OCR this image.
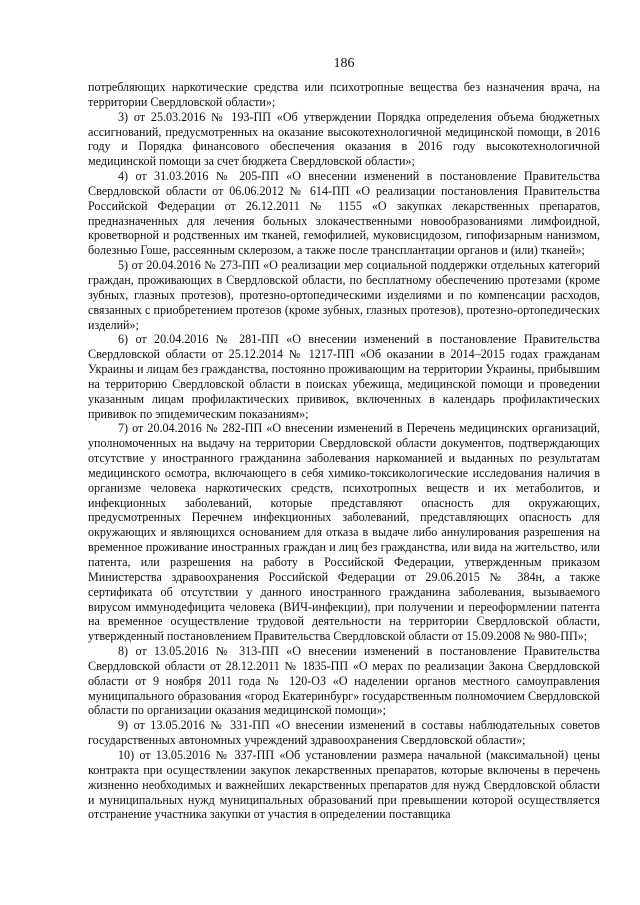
186

потребляющих наркотические средства или психотропные вещества без назначения врача, на территории Свердловской области»;

3) от 25.03.2016 № 193-ПП «Об утверждении Порядка определения объема бюджетных ассигнований, предусмотренных на оказание высокотехнологичной медицинской помощи, в 2016 году и Порядка финансового обеспечения оказания в 2016 году высокотехнологичной медицинской помощи за счет бюджета Свердловской области»;

4) от 31.03.2016 № 205-ПП «О внесении изменений в постановление Правительства Свердловской области от 06.06.2012 № 614-ПП «О реализации постановления Правительства Российской Федерации от 26.12.2011 № 1155 «О закупках лекарственных препаратов, предназначенных для лечения больных злокачественными новообразованиями лимфоидной, кроветворной и родственных им тканей, гемофилией, муковисцидозом, гипофизарным нанизмом, болезнью Гоше, рассеянным склерозом, а также после трансплантации органов и (или) тканей»;

5) от 20.04.2016 № 273-ПП «О реализации мер социальной поддержки отдельных категорий граждан, проживающих в Свердловской области, по бесплатному обеспечению протезами (кроме зубных, глазных протезов), протезно-ортопедическими изделиями и по компенсации расходов, связанных с приобретением протезов (кроме зубных, глазных протезов), протезно-ортопедических изделий»;

6) от 20.04.2016 № 281-ПП «О внесении изменений в постановление Правительства Свердловской области от 25.12.2014 № 1217-ПП «Об оказании в 2014–2015 годах гражданам Украины и лицам без гражданства, постоянно проживающим на территории Украины, прибывшим на территорию Свердловской области в поисках убежища, медицинской помощи и проведении указанным лицам профилактических прививок, включенных в календарь профилактических прививок по эпидемическим показаниям»;

7) от 20.04.2016 № 282-ПП «О внесении изменений в Перечень медицинских организаций, уполномоченных на выдачу на территории Свердловской области документов, подтверждающих отсутствие у иностранного гражданина заболевания наркоманией и выданных по результатам медицинского осмотра, включающего в себя химико-токсикологические исследования наличия в организме человека наркотических средств, психотропных веществ и их метаболитов, и инфекционных заболеваний, которые представляют опасность для окружающих, предусмотренных Перечнем инфекционных заболеваний, представляющих опасность для окружающих и являющихся основанием для отказа в выдаче либо аннулирования разрешения на временное проживание иностранных граждан и лиц без гражданства, или вида на жительство, или патента, или разрешения на работу в Российской Федерации, утвержденным приказом Министерства здравоохранения Российской Федерации от 29.06.2015 № 384н, а также сертификата об отсутствии у данного иностранного гражданина заболевания, вызываемого вирусом иммунодефицита человека (ВИЧ-инфекции), при получении и переоформлении патента на временное осуществление трудовой деятельности на территории Свердловской области, утвержденный постановлением Правительства Свердловской области от 15.09.2008 № 980-ПП»;

8) от 13.05.2016 № 313-ПП «О внесении изменений в постановление Правительства Свердловской области от 28.12.2011 № 1835-ПП «О мерах по реализации Закона Свердловской области от 9 ноября 2011 года № 120-ОЗ «О наделении органов местного самоуправления муниципального образования «город Екатеринбург» государственным полномочием Свердловской области по организации оказания медицинской помощи»;

9) от 13.05.2016 № 331-ПП «О внесении изменений в составы наблюдательных советов государственных автономных учреждений здравоохранения Свердловской области»;

10) от 13.05.2016 № 337-ПП «Об установлении размера начальной (максимальной) цены контракта при осуществлении закупок лекарственных препаратов, которые включены в перечень жизненно необходимых и важнейших лекарственных препаратов для нужд Свердловской области и муниципальных нужд муниципальных образований при превышении которой осуществляется отстранение участника закупки от участия в определении поставщика
